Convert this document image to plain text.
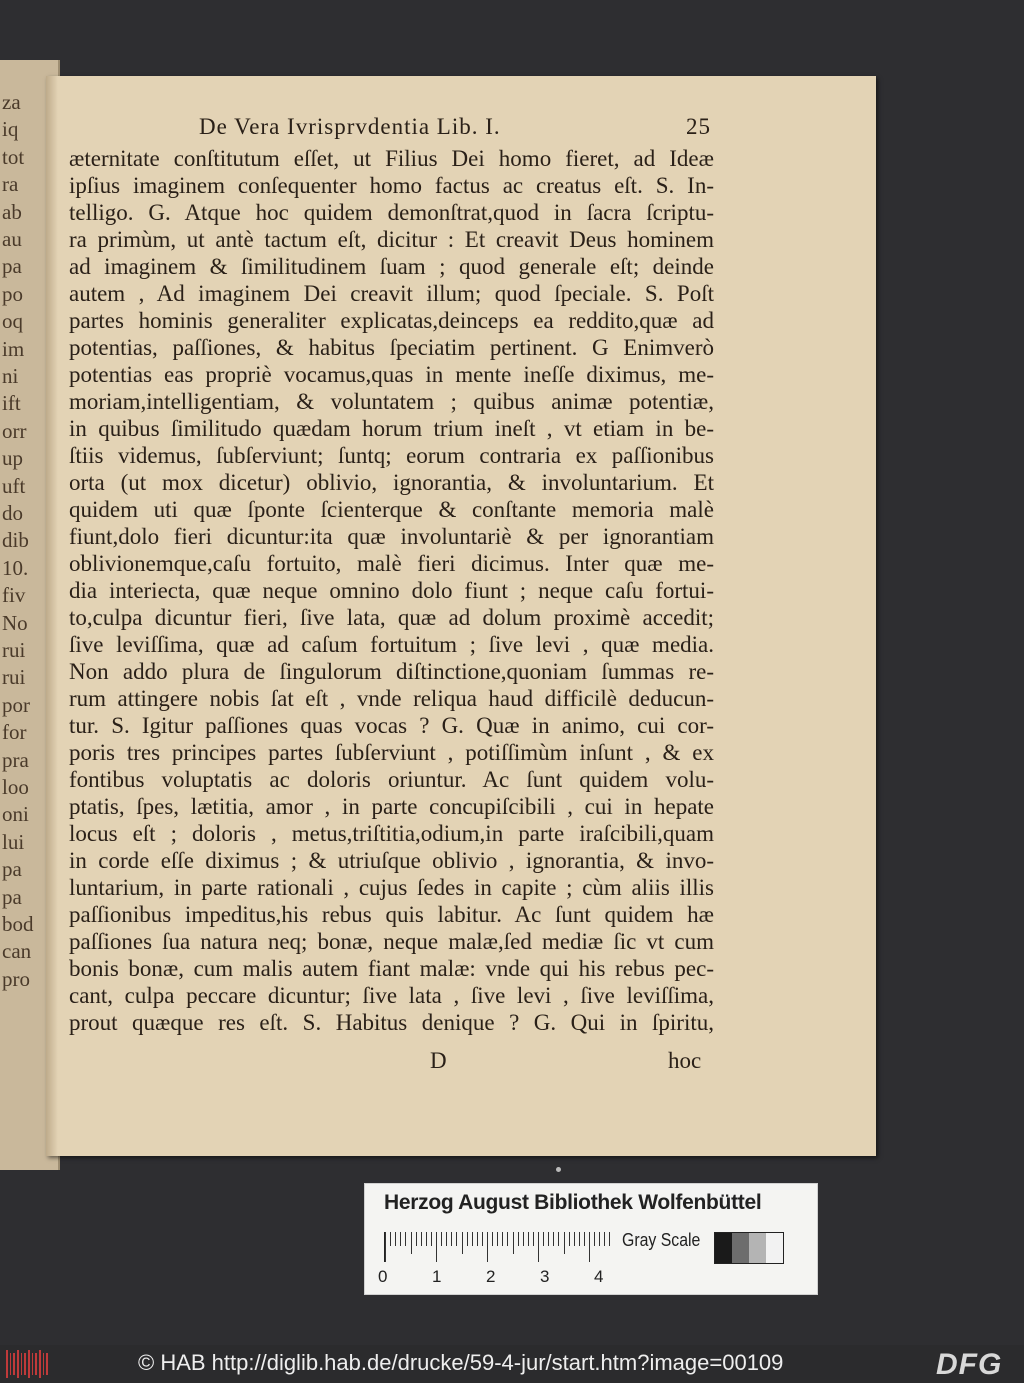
za
iq
tot
ra
ab
au
pa
po
oq
im
ni
ift
orr
up
uft
do
dib
10.
fiv
No
rui
rui
por
for
pra
loo
oni
lui
pa
pa
bod
can
pro
De Vera Ivrisprvdentia Lib. I.	25
æternitate conſtitutum eſſet, ut Filius Dei homo fieret, ad Ideæ
ipſius imaginem conſequenter homo factus ac creatus eſt. S. In-
telligo. G. Atque hoc quidem demonſtrat,quod in ſacra ſcriptu-
ra primùm, ut antè tactum eſt, dicitur : Et creavit Deus hominem
ad imaginem & ſimilitudinem ſuam ; quod generale eſt; deinde
autem , Ad imaginem Dei creavit illum; quod ſpeciale. S. Poſt
partes hominis generaliter explicatas,deinceps ea reddito,quæ ad
potentias, paſſiones, & habitus ſpeciatim pertinent. G Enimverò
potentias eas propriè vocamus,quas in mente ineſſe diximus, me-
moriam,intelligentiam, & voluntatem ; quibus animæ potentiæ,
in quibus ſimilitudo quædam horum trium ineſt , vt etiam in be-
ſtiis videmus, ſubſerviunt; ſuntq; eorum contraria ex paſſionibus
orta (ut mox dicetur) oblivio, ignorantia, & involuntarium. Et
quidem uti quæ ſponte ſcienterque & conſtante memoria malè
fiunt,dolo fieri dicuntur:ita quæ involuntariè & per ignorantiam
oblivionemque,caſu fortuito, malè fieri dicimus. Inter quæ me-
dia interiecta, quæ neque omnino dolo fiunt ; neque caſu fortui-
to,culpa dicuntur fieri, ſive lata, quæ ad dolum proximè accedit;
ſive leviſſima, quæ ad caſum fortuitum ; ſive levi , quæ media.
Non addo plura de ſingulorum diſtinctione,quoniam ſummas re-
rum attingere nobis ſat eſt , vnde reliqua haud difficilè deducun-
tur. S. Igitur paſſiones quas vocas ? G. Quæ in animo, cui cor-
poris tres principes partes ſubſerviunt , potiſſimùm inſunt , & ex
fontibus voluptatis ac doloris oriuntur. Ac ſunt quidem volu-
ptatis, ſpes, lætitia, amor , in parte concupiſcibili , cui in hepate
locus eſt ; doloris , metus,triſtitia,odium,in parte iraſcibili,quam
in corde eſſe diximus ; & utriuſque oblivio , ignorantia, & invo-
luntarium, in parte rationali , cujus ſedes in capite ; cùm aliis illis
paſſionibus impeditus,his rebus quis labitur. Ac ſunt quidem hæ
paſſiones ſua natura neq; bonæ, neque malæ,ſed mediæ ſic vt cum
bonis bonæ, cum malis autem fiant malæ: vnde qui his rebus pec-
cant, culpa peccare dicuntur; ſive lata , ſive levi , ſive leviſſima,
prout quæque res eſt. S. Habitus denique ? G. Qui in ſpiritu,
D	hoc
Herzog August Bibliothek Wolfenbüttel
0	1	2	3	4
Gray Scale
© HAB http://diglib.hab.de/drucke/59-4-jur/start.htm?image=00109	DFG
